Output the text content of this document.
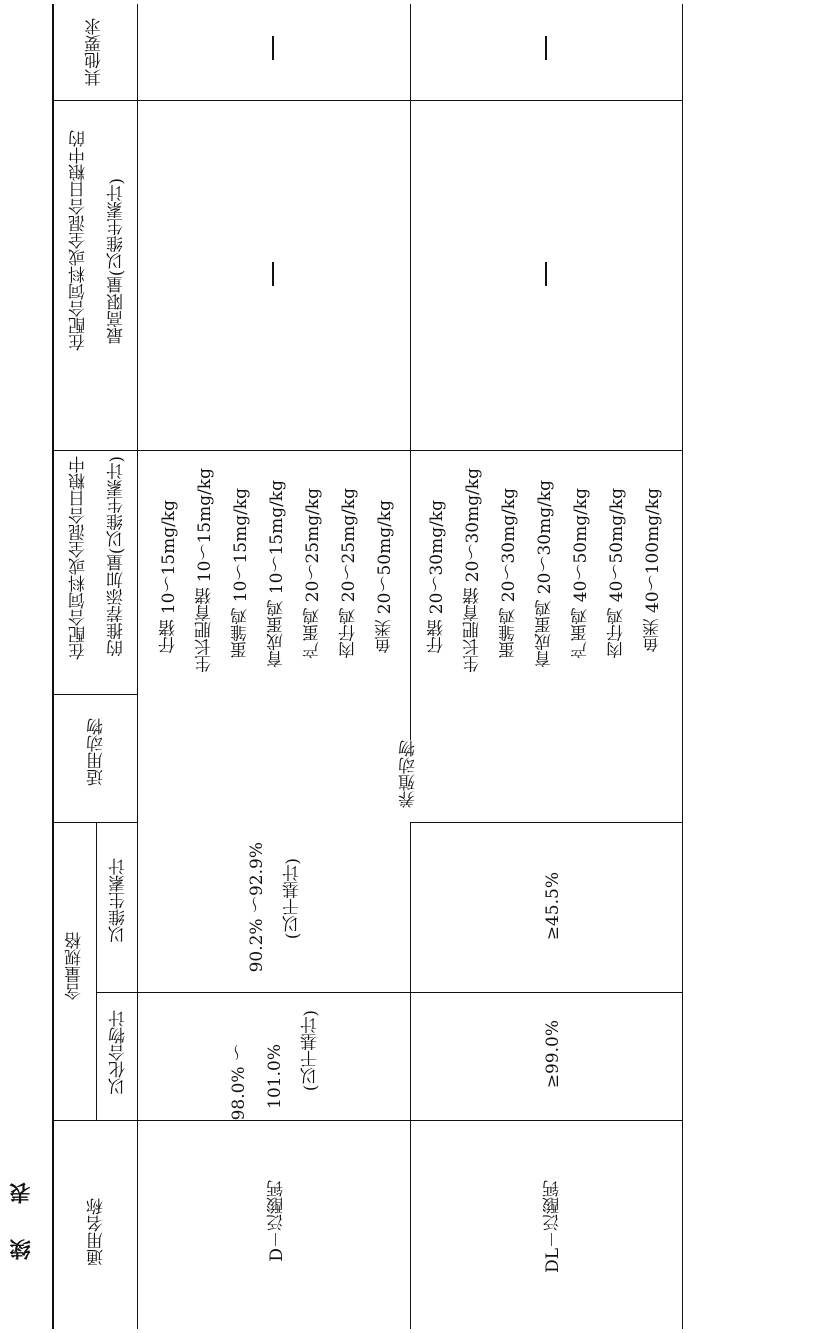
续 表
其他要求
在配合饲料或全混合日粮中的	最高限量(以维生素计)
在配合饲料或全混合日粮中	的推荐添加量(以维生素计)
适用动物
含量规格
以维生素计
以化合物计
通用名称
仔猪 10～15mg/kg 生长肥育猪 10～15mg/kg 蛋雏鸡 10～15mg/kg 育成蛋鸡 10～15mg/kg 产蛋鸡 20～25mg/kg 肉仔鸡 20～25mg/kg 鱼类 20～50mg/kg
90.2% ～92.9% (以干基计)
98.0% ～ 101.0% (以干基计)
D－泛酸钙
养殖动物
仔猪 20～30mg/kg 生长肥育猪 20～30mg/kg 蛋雏鸡 20～30mg/kg 育成蛋鸡 20～30mg/kg 产蛋鸡 40～50mg/kg 肉仔鸡 40～50mg/kg 鱼类 40～100mg/kg
≥45.5%
≥99.0%
DL－泛酸钙
